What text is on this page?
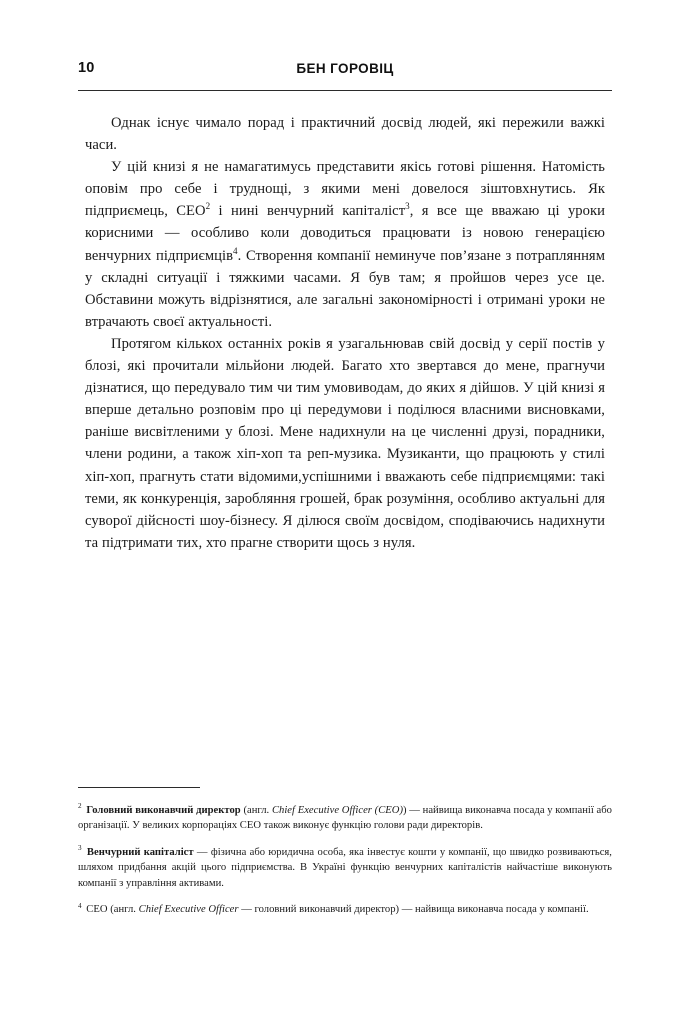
10	БЕН ГОРОВІЦ

Однак існує чимало порад і практичний досвід людей, які пережили важкі часи.

У цій книзі я не намагатимусь представити якісь готові рішення. Натомість оповім про себе і труднощі, з якими мені довелося зіштовхнутись. Як підприємець, CEO$^2$ і нині венчурний капіталіст$^3$, я все ще вважаю ці уроки корисними — особливо коли доводиться працювати із новою генерацією венчурних підприємців$^4$. Створення компанії неминуче пов’язане з потраплянням у складні ситуації і тяжкими часами. Я був там; я пройшов через усе це. Обставини можуть відрізнятися, але загальні закономірності і отримані уроки не втрачають своєї актуальності.

Протягом кількох останніх років я узагальнював свій досвід у серії постів у блозі, які прочитали мільйони людей. Багато хто звертався до мене, прагнучи дізнатися, що передувало тим чи тим умовиводам, до яких я дійшов. У цій книзі я вперше детально розповім про ці передумови і поділюся власними висновками, раніше висвітленими у блозі. Мене надихнули на це численні друзі, порадники, члени родини, а також хіп-хоп та реп-музика. Музиканти, що працюють у стилі хіп-хоп, прагнуть стати відомими,успішними і вважають себе підприємцями: такі теми, як конкуренція, заробляння грошей, брак розуміння, особливо актуальні для суворої дійсності шоу-бізнесу. Я ділюся своїм досвідом, сподіваючись надихнути та підтримати тих, хто прагне створити щось з нуля.

$^2$ Головний виконавчий директор (англ. Chief Executive Officer (CEO)) — найвища виконавча посада у компанії або організації. У великих корпораціях CEO також виконує функцію голови ради директорів.

$^3$ Венчурний капіталіст — фізична або юридична особа, яка інвестує кошти у компанії, що швидко розвиваються, шляхом придбання акцій цього підприємства. В Україні функцію венчурних капіталістів найчастіше виконують компанії з управління активами.

$^4$ CEO (англ. Chief Executive Officer — головний виконавчий директор) — найвища виконавча посада у компанії.
